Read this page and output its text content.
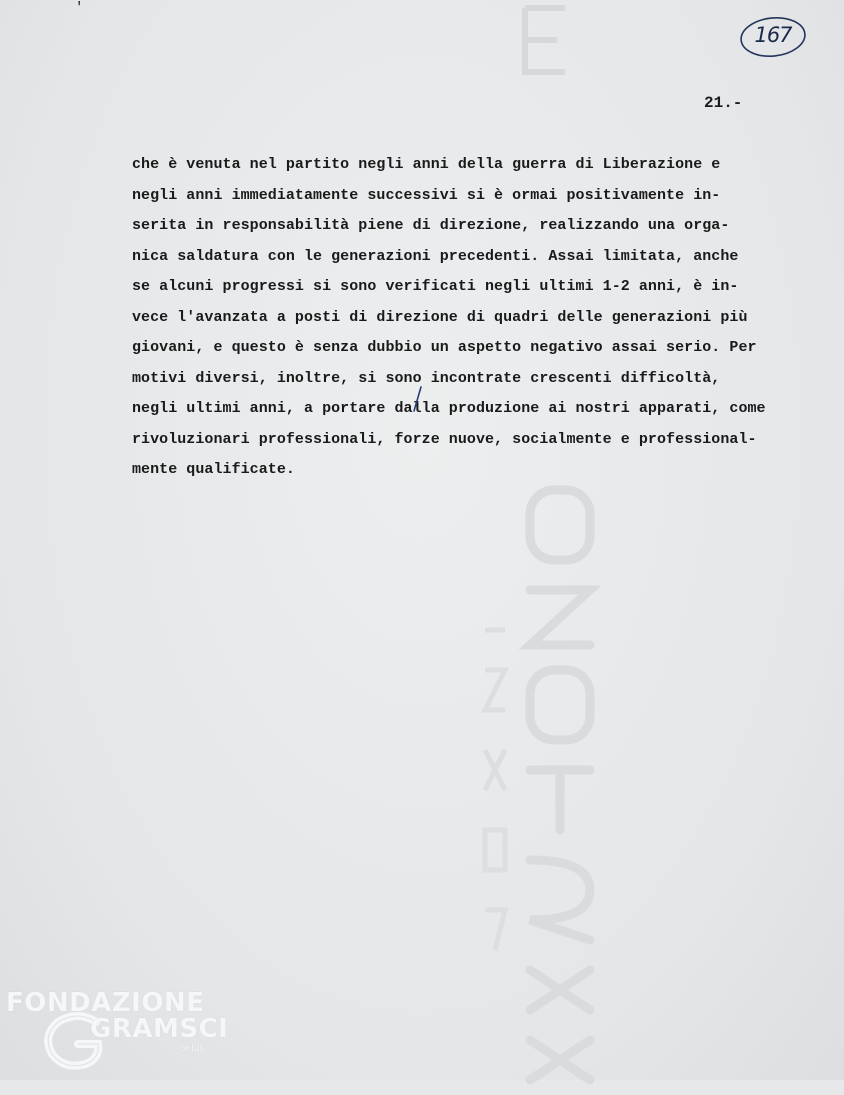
'
167
21.-
che è venuta nel partito negli anni della guerra di Liberazione e
negli anni immediatamente successivi si è ormai positivamente in-
serita in responsabilità piene di direzione, realizzando una orga-
nica saldatura con le generazioni precedenti. Assai limitata, anche
se alcuni progressi si sono verificati negli ultimi 1-2 anni, è in-
vece l'avanzata a posti di direzione di quadri delle generazioni più
giovani, e questo è senza dubbio un aspetto negativo assai serio. Per
motivi diversi, inoltre, si sono incontrate crescenti difficoltà,
negli ultimi anni, a portare dalla produzione ai nostri apparati, come
rivoluzionari professionali, forze nuove, socialmente e professional-
mente qualificate.
FONDAZIONE
GRAMSCI
onlus
